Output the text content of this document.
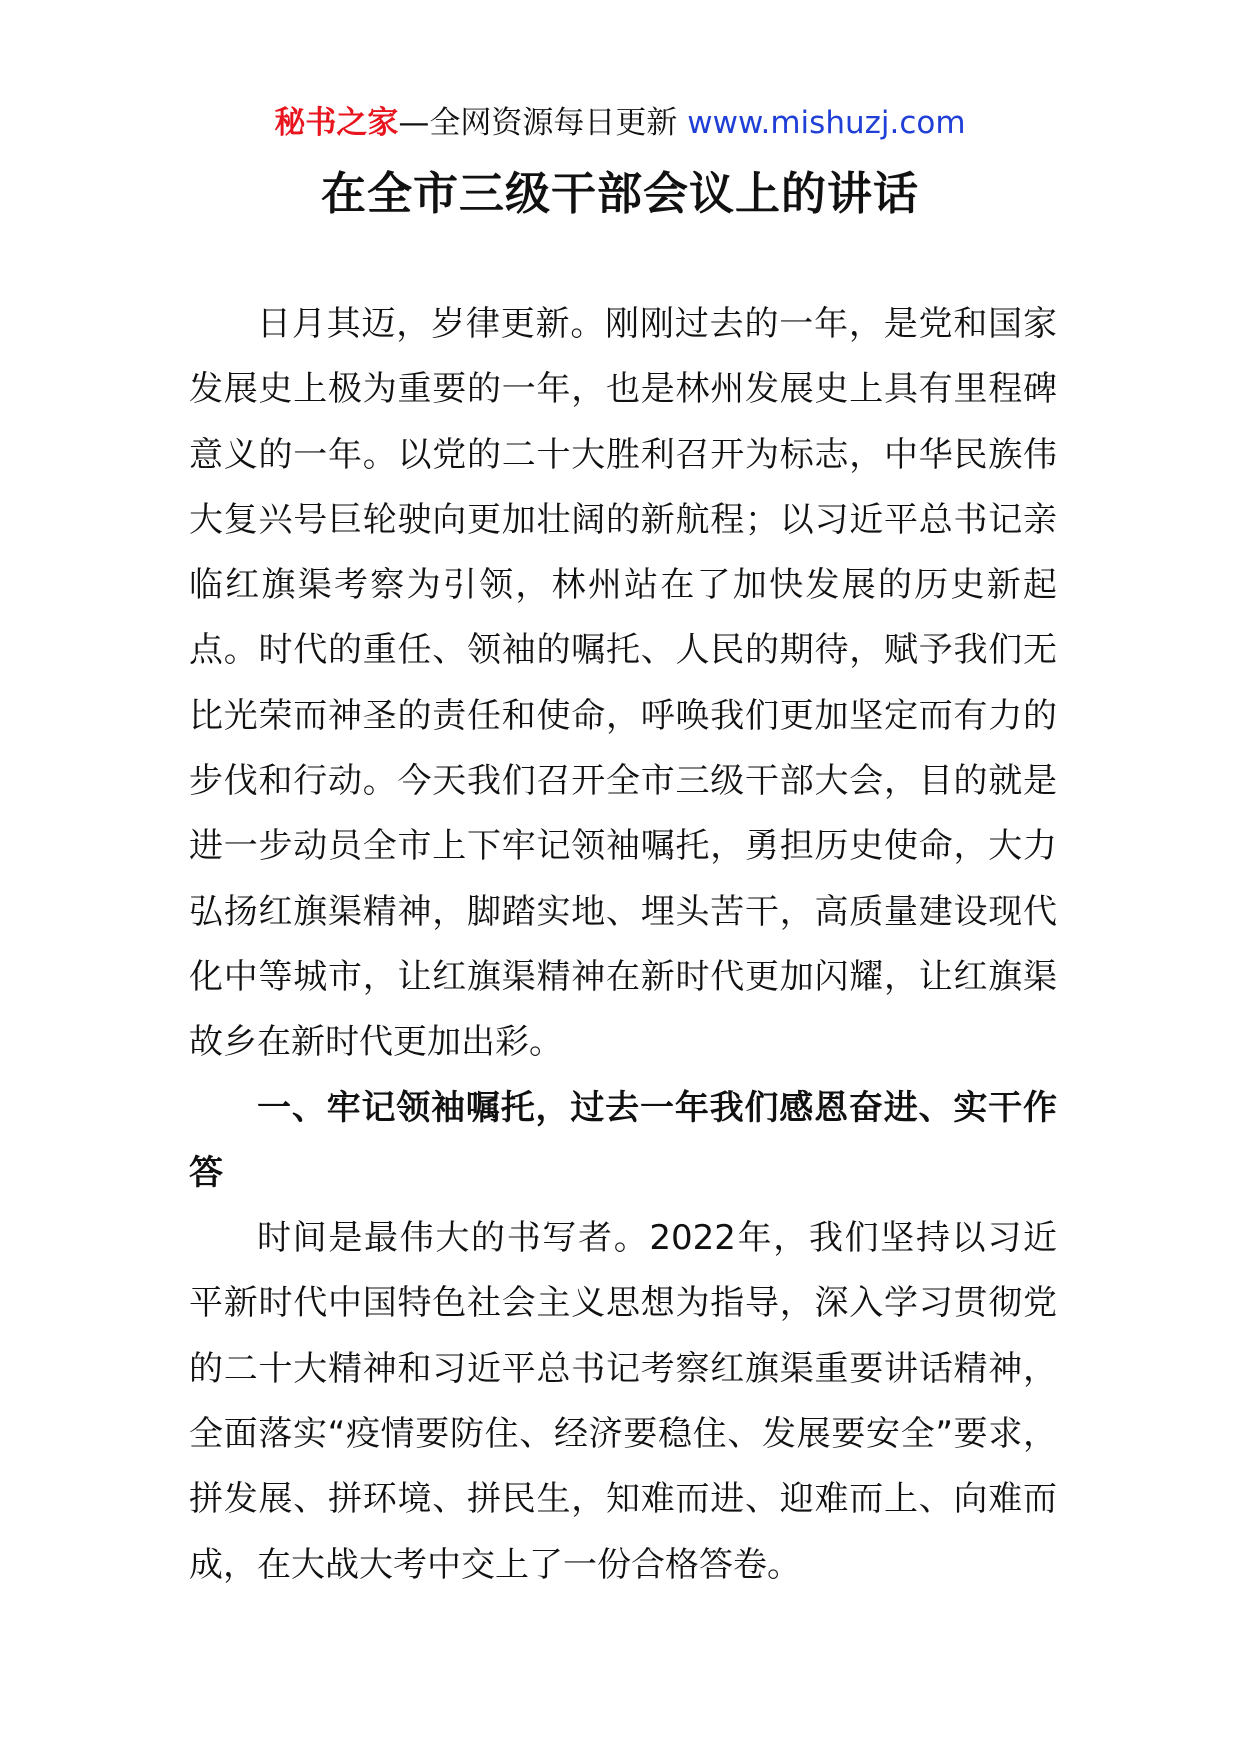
秘书之家—全网资源每日更新 www.mishuzj.com
在全市三级干部会议上的讲话

日月其迈，岁律更新。刚刚过去的一年，是党和国家发展史上极为重要的一年，也是林州发展史上具有里程碑意义的一年。以党的二十大胜利召开为标志，中华民族伟大复兴号巨轮驶向更加壮阔的新航程；以习近平总书记亲临红旗渠考察为引领，林州站在了加快发展的历史新起点。时代的重任、领袖的嘱托、人民的期待，赋予我们无比光荣而神圣的责任和使命，呼唤我们更加坚定而有力的步伐和行动。今天我们召开全市三级干部大会，目的就是进一步动员全市上下牢记领袖嘱托，勇担历史使命，大力弘扬红旗渠精神，脚踏实地、埋头苦干，高质量建设现代化中等城市，让红旗渠精神在新时代更加闪耀，让红旗渠故乡在新时代更加出彩。

一、牢记领袖嘱托，过去一年我们感恩奋进、实干作答

时间是最伟大的书写者。2022年，我们坚持以习近平新时代中国特色社会主义思想为指导，深入学习贯彻党的二十大精神和习近平总书记考察红旗渠重要讲话精神，全面落实“疫情要防住、经济要稳住、发展要安全”要求，拼发展、拼环境、拼民生，知难而进、迎难而上、向难而成，在大战大考中交上了一份合格答卷。
